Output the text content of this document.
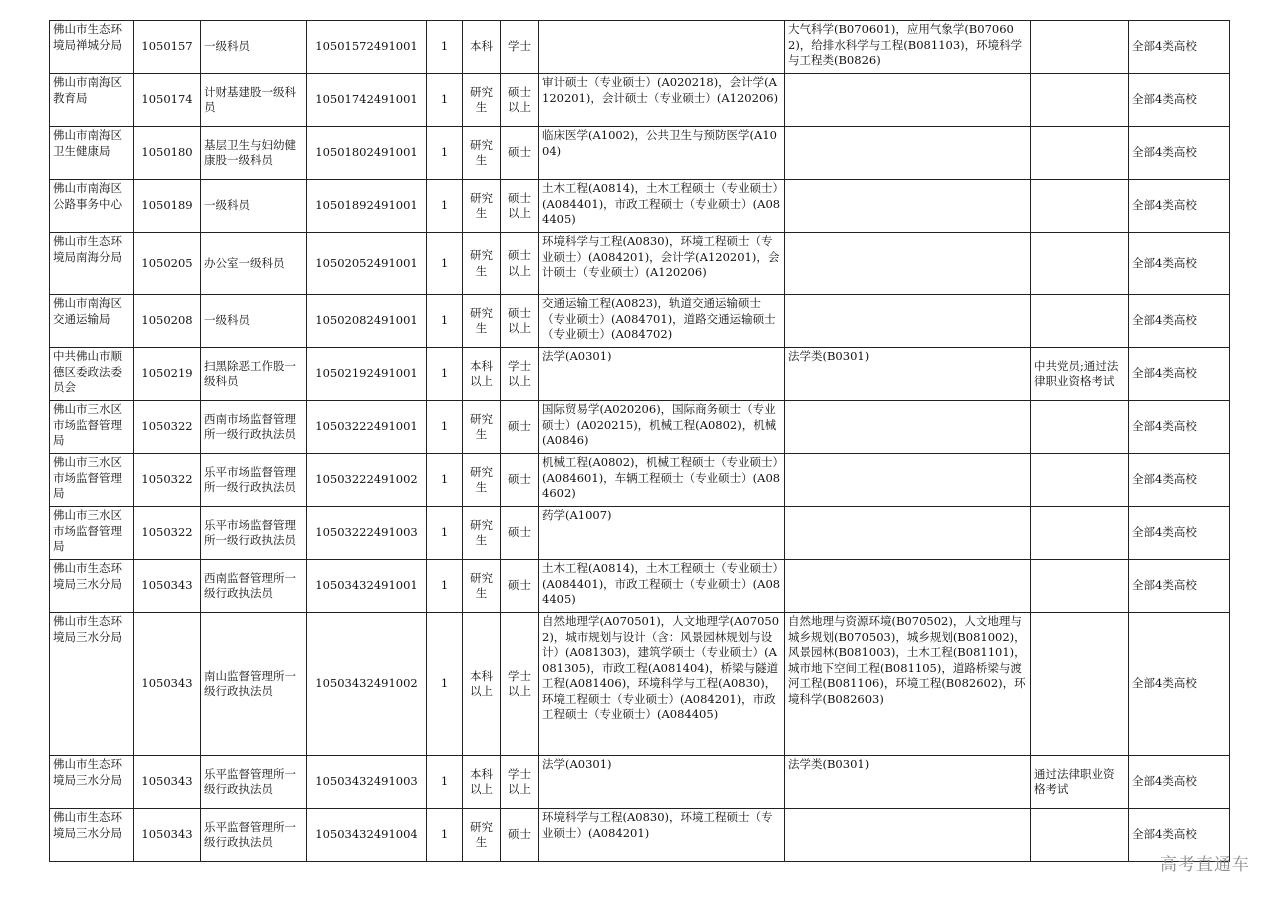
佛山市生态环境局禅城分局	1050157	一级科员	10501572491001	1	本科	学士		大气科学(B070601)，应用气象学(B070602)，给排水科学与工程(B081103)，环境科学与工程类(B0826)		全部4类高校
佛山市南海区教育局	1050174	计财基建股一级科员	10501742491001	1	研究生	硕士以上	审计硕士（专业硕士）(A020218)，会计学(A120201)，会计硕士（专业硕士）(A120206)			全部4类高校
佛山市南海区卫生健康局	1050180	基层卫生与妇幼健康股一级科员	10501802491001	1	研究生	硕士	临床医学(A1002)，公共卫生与预防医学(A1004)			全部4类高校
佛山市南海区公路事务中心	1050189	一级科员	10501892491001	1	研究生	硕士以上	土木工程(A0814)，土木工程硕士（专业硕士）(A084401)，市政工程硕士（专业硕士）(A084405)			全部4类高校
佛山市生态环境局南海分局	1050205	办公室一级科员	10502052491001	1	研究生	硕士以上	环境科学与工程(A0830)，环境工程硕士（专业硕士）(A084201)，会计学(A120201)，会计硕士（专业硕士）(A120206)			全部4类高校
佛山市南海区交通运输局	1050208	一级科员	10502082491001	1	研究生	硕士以上	交通运输工程(A0823)，轨道交通运输硕士（专业硕士）(A084701)，道路交通运输硕士（专业硕士）(A084702)			全部4类高校
中共佛山市顺德区委政法委员会	1050219	扫黑除恶工作股一级科员	10502192491001	1	本科以上	学士以上	法学(A0301)	法学类(B0301)	中共党员;通过法律职业资格考试	全部4类高校
佛山市三水区市场监督管理局	1050322	西南市场监督管理所一级行政执法员	10503222491001	1	研究生	硕士	国际贸易学(A020206)，国际商务硕士（专业硕士）(A020215)，机械工程(A0802)，机械(A0846)			全部4类高校
佛山市三水区市场监督管理局	1050322	乐平市场监督管理所一级行政执法员	10503222491002	1	研究生	硕士	机械工程(A0802)，机械工程硕士（专业硕士）(A084601)，车辆工程硕士（专业硕士）(A084602)			全部4类高校
佛山市三水区市场监督管理局	1050322	乐平市场监督管理所一级行政执法员	10503222491003	1	研究生	硕士	药学(A1007)			全部4类高校
佛山市生态环境局三水分局	1050343	西南监督管理所一级行政执法员	10503432491001	1	研究生	硕士	土木工程(A0814)，土木工程硕士（专业硕士）(A084401)，市政工程硕士（专业硕士）(A084405)			全部4类高校
佛山市生态环境局三水分局	1050343	南山监督管理所一级行政执法员	10503432491002	1	本科以上	学士以上	自然地理学(A070501)，人文地理学(A070502)，城市规划与设计（含：风景园林规划与设计）(A081303)，建筑学硕士（专业硕士）(A081305)，市政工程(A081404)，桥梁与隧道工程(A081406)，环境科学与工程(A0830)，环境工程硕士（专业硕士）(A084201)，市政工程硕士（专业硕士）(A084405)	自然地理与资源环境(B070502)，人文地理与城乡规划(B070503)，城乡规划(B081002)，风景园林(B081003)，土木工程(B081101)，城市地下空间工程(B081105)，道路桥梁与渡河工程(B081106)，环境工程(B082602)，环境科学(B082603)		全部4类高校
佛山市生态环境局三水分局	1050343	乐平监督管理所一级行政执法员	10503432491003	1	本科以上	学士以上	法学(A0301)	法学类(B0301)	通过法律职业资格考试	全部4类高校
佛山市生态环境局三水分局	1050343	乐平监督管理所一级行政执法员	10503432491004	1	研究生	硕士	环境科学与工程(A0830)，环境工程硕士（专业硕士）(A084201)			全部4类高校
高考直通车
